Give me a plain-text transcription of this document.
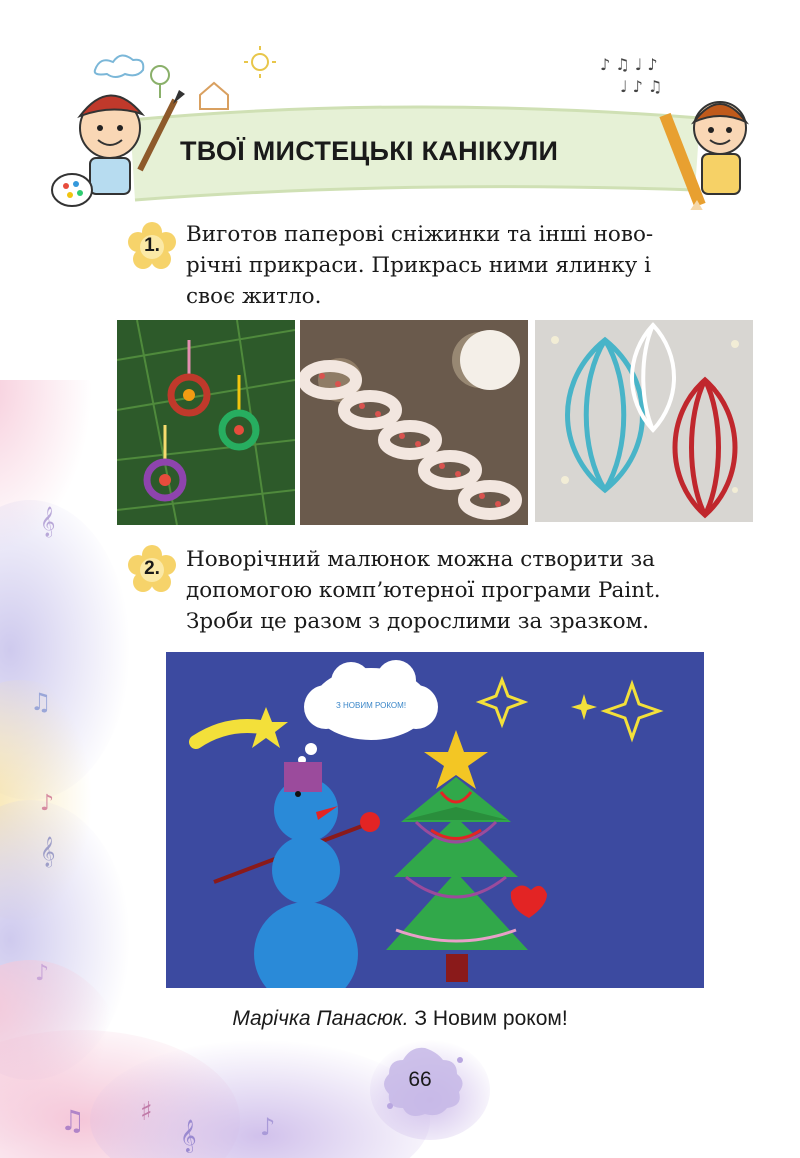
𝄞
♫
♪
𝄞
♪
♫ ♯
𝄞	♪
♪ ♫ ♩ ♪
♩ ♪ ♫
ТВОЇ МИСТЕЦЬКІ КАНІКУЛИ
1.	Виготов паперові сніжинки та інші ново-
річні прикраси. Прикрась ними ялинку і
своє житло.
2.	Новорічний малюнок можна створити за
допомогою комп’ютерної програми Paint.
Зроби це разом з дорослими за зразком.
З НОВИМ РОКОМ!
Марічка Панасюк. З Новим роком!
66
